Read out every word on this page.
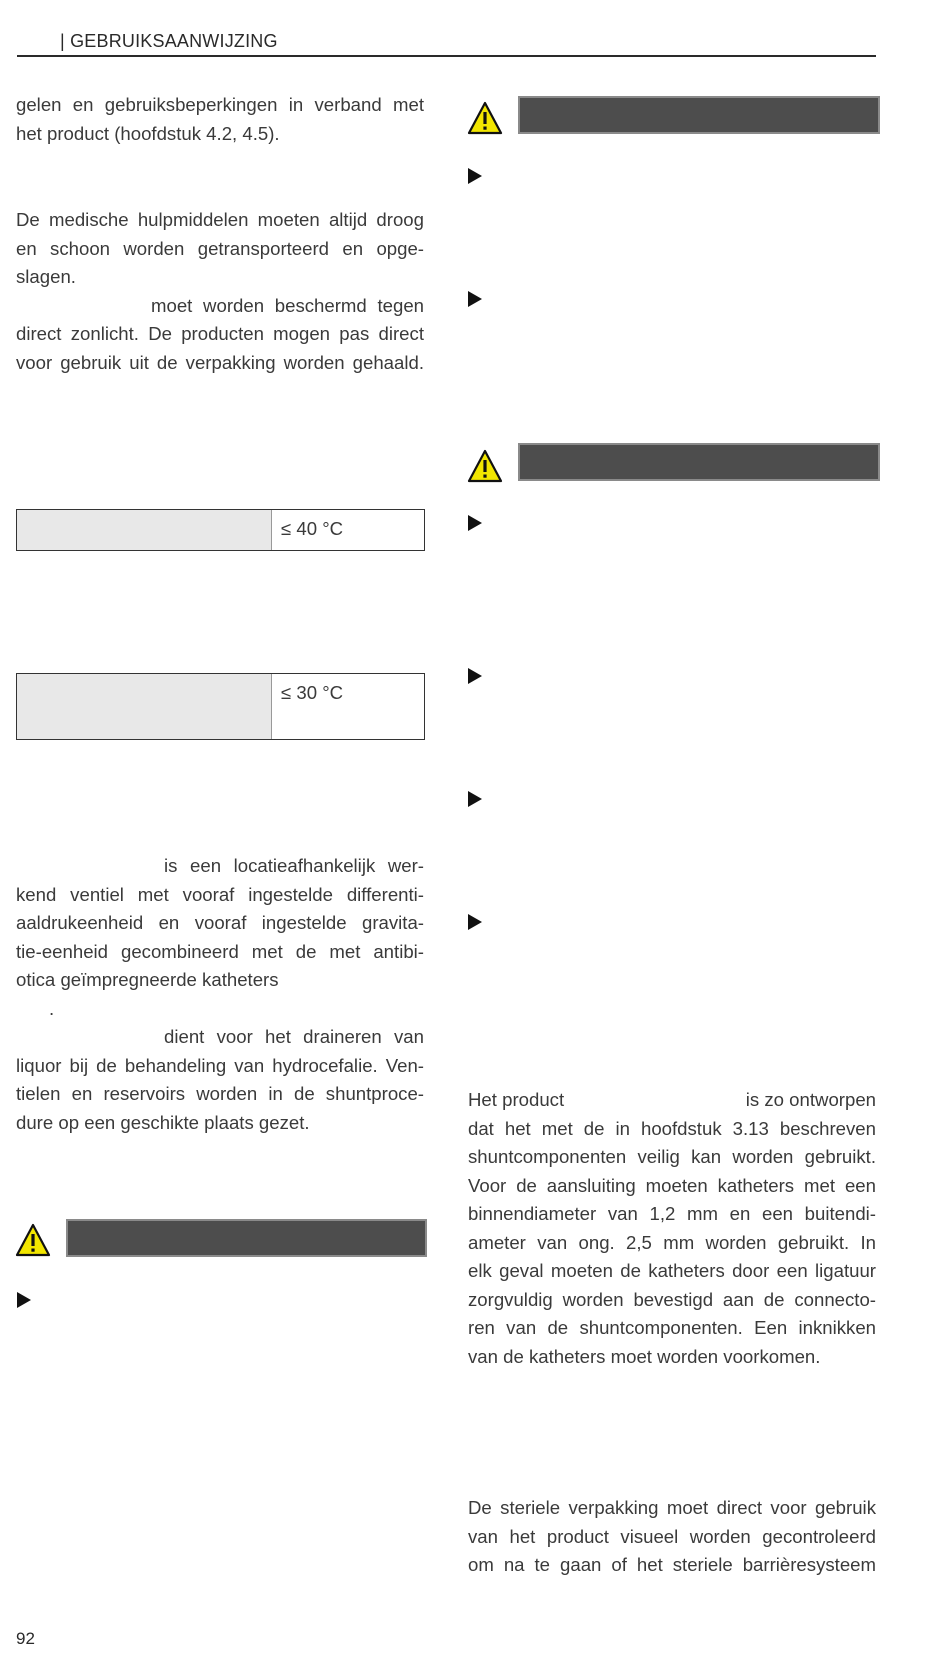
| GEBRUIKSAANWIJZING
gelen en gebruiksbeperkingen in verband met
het product (hoofdstuk 4.2, 4.5).
De medische hulpmiddelen moeten altijd droog
en schoon worden getransporteerd en opge-
slagen.
moet worden beschermd tegen
direct zonlicht. De producten mogen pas direct
voor gebruik uit de verpakking worden gehaald.
≤ 40 °C
≤ 30 °C
is een locatieafhankelijk wer-
kend ventiel met vooraf ingestelde differenti-
aaldrukeenheid en vooraf ingestelde gravita-
tie-eenheid gecombineerd met de met antibi-
otica geïmpregneerde katheters
.
dient voor het draineren van
liquor bij de behandeling van hydrocefalie. Ven-
tielen en reservoirs worden in de shuntproce-
dure op een geschikte plaats gezet.
Het product	is zo ontworpen
dat het met de in hoofdstuk 3.13 beschreven
shuntcomponenten veilig kan worden gebruikt.
Voor de aansluiting moeten katheters met een
binnendiameter van 1,2 mm en een buitendi-
ameter van ong. 2,5 mm worden gebruikt. In
elk geval moeten de katheters door een ligatuur
zorgvuldig worden bevestigd aan de connecto-
ren van de shuntcomponenten. Een inknikken
van de katheters moet worden voorkomen.
De steriele verpakking moet direct voor gebruik
van het product visueel worden gecontroleerd
om na te gaan of het steriele barrièresysteem
92
